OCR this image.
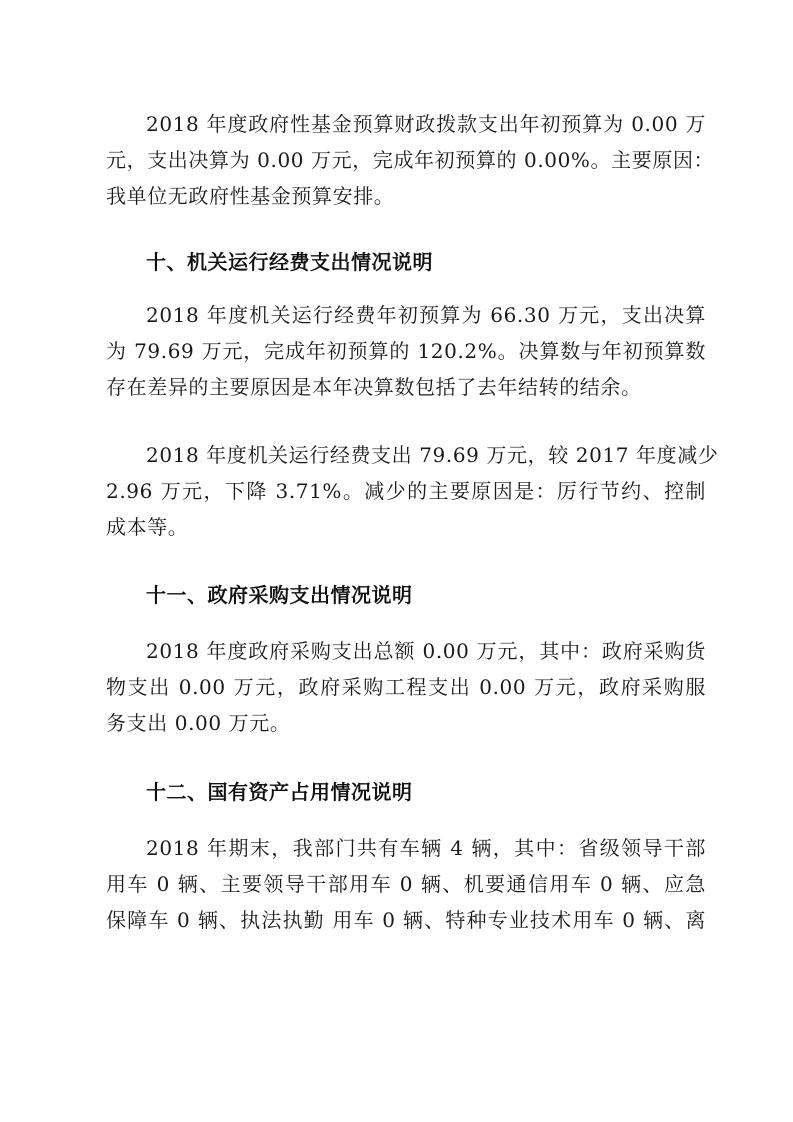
2018 年度政府性基金预算财政拨款支出年初预算为 0.00 万
元，支出决算为 0.00 万元，完成年初预算的 0.00%。主要原因：
我单位无政府性基金预算安排。
十、机关运行经费支出情况说明
2018 年度机关运行经费年初预算为 66.30 万元，支出决算
为 79.69 万元，完成年初预算的 120.2%。决算数与年初预算数
存在差异的主要原因是本年决算数包括了去年结转的结余。
2018 年度机关运行经费支出 79.69 万元，较 2017 年度减少
2.96 万元，下降 3.71%。减少的主要原因是：厉行节约、控制
成本等。
十一、政府采购支出情况说明
2018 年度政府采购支出总额 0.00 万元，其中：政府采购货
物支出 0.00 万元，政府采购工程支出 0.00 万元，政府采购服
务支出 0.00 万元。
十二、国有资产占用情况说明
2018 年期末，我部门共有车辆 4 辆，其中：省级领导干部
用车 0 辆、主要领导干部用车 0 辆、机要通信用车 0 辆、应急
保障车 0 辆、执法执勤 用车 0 辆、特种专业技术用车 0 辆、离
